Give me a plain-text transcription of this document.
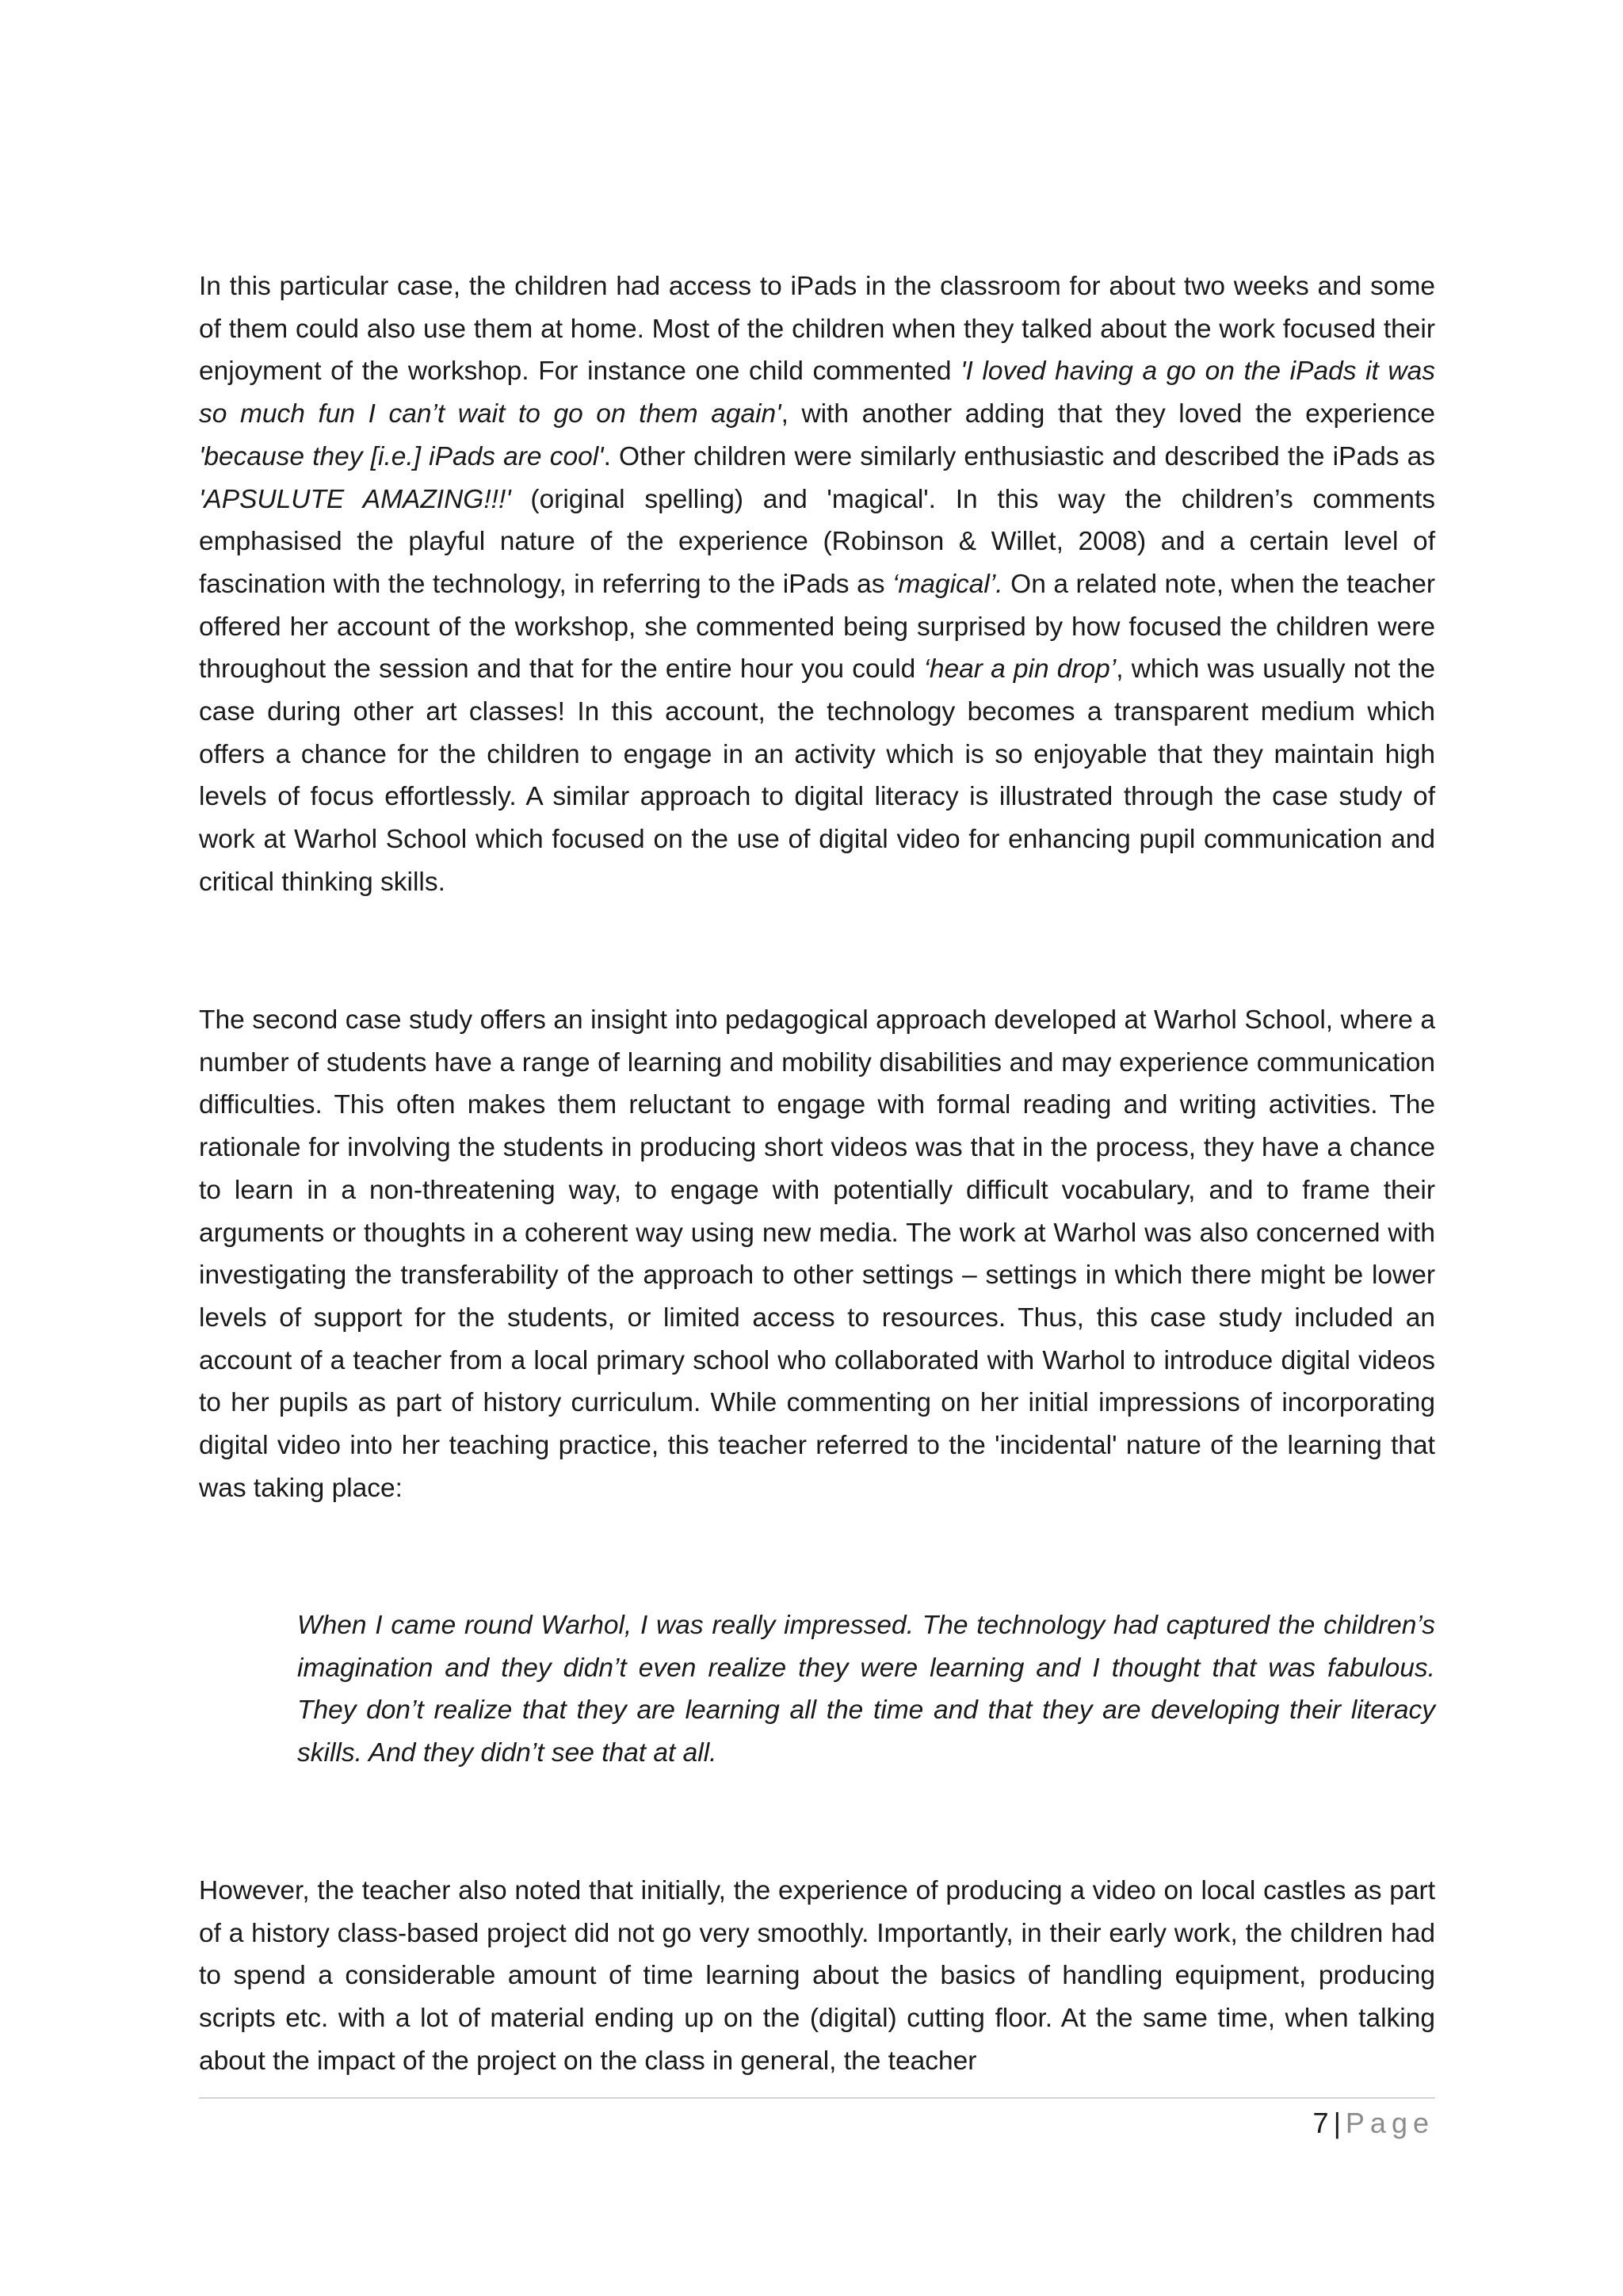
In this particular case, the children had access to iPads in the classroom for about two weeks and some of them could also use them at home. Most of the children when they talked about the work focused their enjoyment of the workshop. For instance one child commented 'I loved having a go on the iPads it was so much fun I can’t wait to go on them again', with another adding that they loved the experience 'because they [i.e.] iPads are cool'. Other children were similarly enthusiastic and described the iPads as 'APSULUTE AMAZING!!!' (original spelling) and 'magical'. In this way the children’s comments emphasised the playful nature of the experience (Robinson & Willet, 2008) and a certain level of fascination with the technology, in referring to the iPads as ‘magical’. On a related note, when the teacher offered her account of the workshop, she commented being surprised by how focused the children were throughout the session and that for the entire hour you could ‘hear a pin drop’, which was usually not the case during other art classes! In this account, the technology becomes a transparent medium which offers a chance for the children to engage in an activity which is so enjoyable that they maintain high levels of focus effortlessly. A similar approach to digital literacy is illustrated through the case study of work at Warhol School which focused on the use of digital video for enhancing pupil communication and critical thinking skills.

The second case study offers an insight into pedagogical approach developed at Warhol School, where a number of students have a range of learning and mobility disabilities and may experience communication difficulties. This often makes them reluctant to engage with formal reading and writing activities. The rationale for involving the students in producing short videos was that in the process, they have a chance to learn in a non-threatening way, to engage with potentially difficult vocabulary, and to frame their arguments or thoughts in a coherent way using new media. The work at Warhol was also concerned with investigating the transferability of the approach to other settings – settings in which there might be lower levels of support for the students, or limited access to resources. Thus, this case study included an account of a teacher from a local primary school who collaborated with Warhol to introduce digital videos to her pupils as part of history curriculum. While commenting on her initial impressions of incorporating digital video into her teaching practice, this teacher referred to the 'incidental' nature of the learning that was taking place:

When I came round Warhol, I was really impressed. The technology had captured the children’s imagination and they didn’t even realize they were learning and I thought that was fabulous. They don’t realize that they are learning all the time and that they are developing their literacy skills. And they didn’t see that at all.

However, the teacher also noted that initially, the experience of producing a video on local castles as part of a history class-based project did not go very smoothly. Importantly, in their early work, the children had to spend a considerable amount of time learning about the basics of handling equipment, producing scripts etc. with a lot of material ending up on the (digital) cutting floor. At the same time, when talking about the impact of the project on the class in general, the teacher

7 | Page
